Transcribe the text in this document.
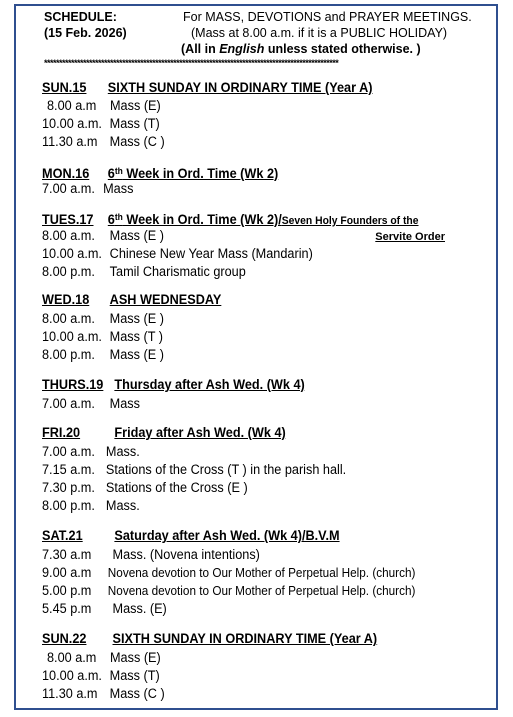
SCHEDULE:
(15 Feb. 2026)
For MASS, DEVOTIONS and PRAYER MEETINGS.
(Mass at 8.00 a.m. if it is a PUBLIC HOLIDAY)
(All in English unless stated otherwise. )
**************************************************************************************************
SUN.15 SIXTH SUNDAY IN ORDINARY TIME (Year A)
8.00 a.m Mass (E)
10.00 a.m. Mass (T)
11.30 a.m Mass (C )
MON.16 6th Week in Ord. Time (Wk 2)
7.00 a.m. Mass
TUES.17 6th Week in Ord. Time (Wk 2)/Seven Holy Founders of the
Servite Order
8.00 a.m. Mass (E )
10.00 a.m. Chinese New Year Mass (Mandarin)
8.00 p.m. Tamil Charismatic group
WED.18 ASH WEDNESDAY
8.00 a.m. Mass (E )
10.00 a.m. Mass (T )
8.00 p.m. Mass (E )
THURS.19 Thursday after Ash Wed. (Wk 4)
7.00 a.m. Mass
FRI.20	Friday after Ash Wed. (Wk 4)
7.00 a.m. Mass.
7.15 a.m. Stations of the Cross (T ) in the parish hall.
7.30 p.m. Stations of the Cross (E )
8.00 p.m. Mass.
SAT.21 Saturday after Ash Wed. (Wk 4)/B.V.M
7.30 a.m Mass. (Novena intentions)
9.00 a.m Novena devotion to Our Mother of Perpetual Help. (church)
5.00 p.m Novena devotion to Our Mother of Perpetual Help. (church)
5.45 p.m Mass. (E)
SUN.22 SIXTH SUNDAY IN ORDINARY TIME (Year A)
8.00 a.m Mass (E)
10.00 a.m. Mass (T)
11.30 a.m Mass (C )
